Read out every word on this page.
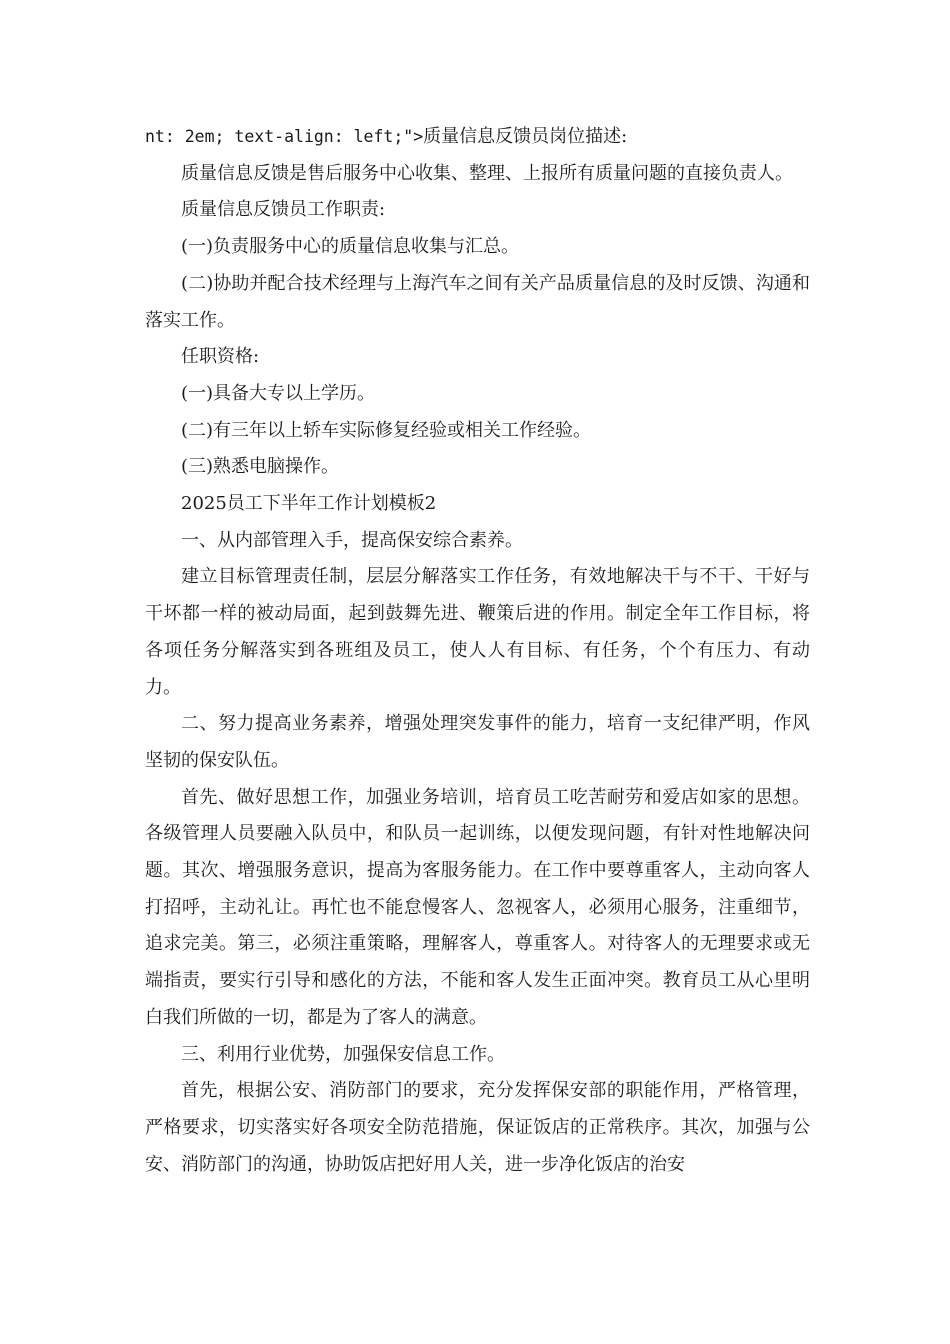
nt: 2em; text-align: left;">质量信息反馈员岗位描述:

质量信息反馈是售后服务中心收集、整理、上报所有质量问题的直接负责人。

质量信息反馈员工作职责:

(一)负责服务中心的质量信息收集与汇总。

(二)协助并配合技术经理与上海汽车之间有关产品质量信息的及时反馈、沟通和落实工作。

任职资格:

(一)具备大专以上学历。

(二)有三年以上轿车实际修复经验或相关工作经验。

(三)熟悉电脑操作。

2025员工下半年工作计划模板2

一、从内部管理入手，提高保安综合素养。

建立目标管理责任制，层层分解落实工作任务，有效地解决干与不干、干好与干坏都一样的被动局面，起到鼓舞先进、鞭策后进的作用。制定全年工作目标，将各项任务分解落实到各班组及员工，使人人有目标、有任务，个个有压力、有动力。

二、努力提高业务素养，增强处理突发事件的能力，培育一支纪律严明，作风坚韧的保安队伍。

首先、做好思想工作，加强业务培训，培育员工吃苦耐劳和爱店如家的思想。各级管理人员要融入队员中，和队员一起训练，以便发现问题，有针对性地解决问题。其次、增强服务意识，提高为客服务能力。在工作中要尊重客人，主动向客人打招呼，主动礼让。再忙也不能怠慢客人、忽视客人，必须用心服务，注重细节，追求完美。第三，必须注重策略，理解客人，尊重客人。对待客人的无理要求或无端指责，要实行引导和感化的方法，不能和客人发生正面冲突。教育员工从心里明白我们所做的一切，都是为了客人的满意。

三、利用行业优势，加强保安信息工作。

首先，根据公安、消防部门的要求，充分发挥保安部的职能作用，严格管理，严格要求，切实落实好各项安全防范措施，保证饭店的正常秩序。其次，加强与公安、消防部门的沟通，协助饭店把好用人关，进一步净化饭店的治安
